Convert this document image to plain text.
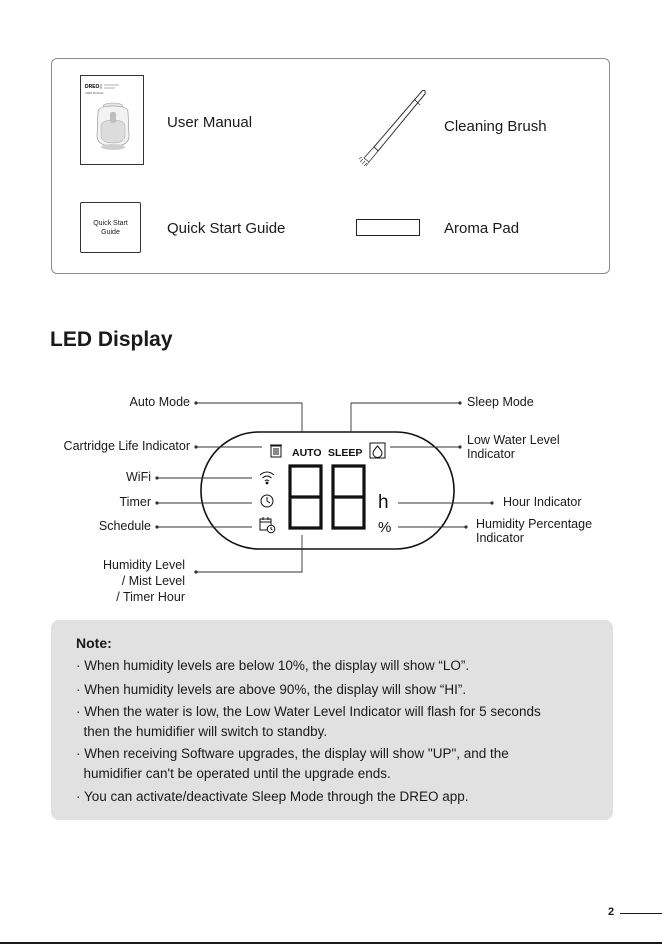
DREO
USER MANUAL
User Manual	Cleaning Brush
Quick Start
Guide	Quick Start Guide	Aroma Pad
LED Display
AUTO SLEEP
h
%
Auto Mode	Sleep Mode
Cartridge Life Indicator	Low Water Level
Indicator
WiFi
Timer
Schedule
Hour Indicator
Humidity Percentage
Indicator
Humidity Level
/ Mist Level
/ Timer Hour
Note:
· When humidity levels are below 10%, the display will show “LO”.
· When humidity levels are above 90%, the display will show “HI”.
· When the water is low, the Low Water Level Indicator will flash for 5 seconds
then the humidifier will switch to standby.
· When receiving Software upgrades, the display will show "UP", and the
humidifier can't be operated until the upgrade ends.
· You can activate/deactivate Sleep Mode through the DREO app.
2
